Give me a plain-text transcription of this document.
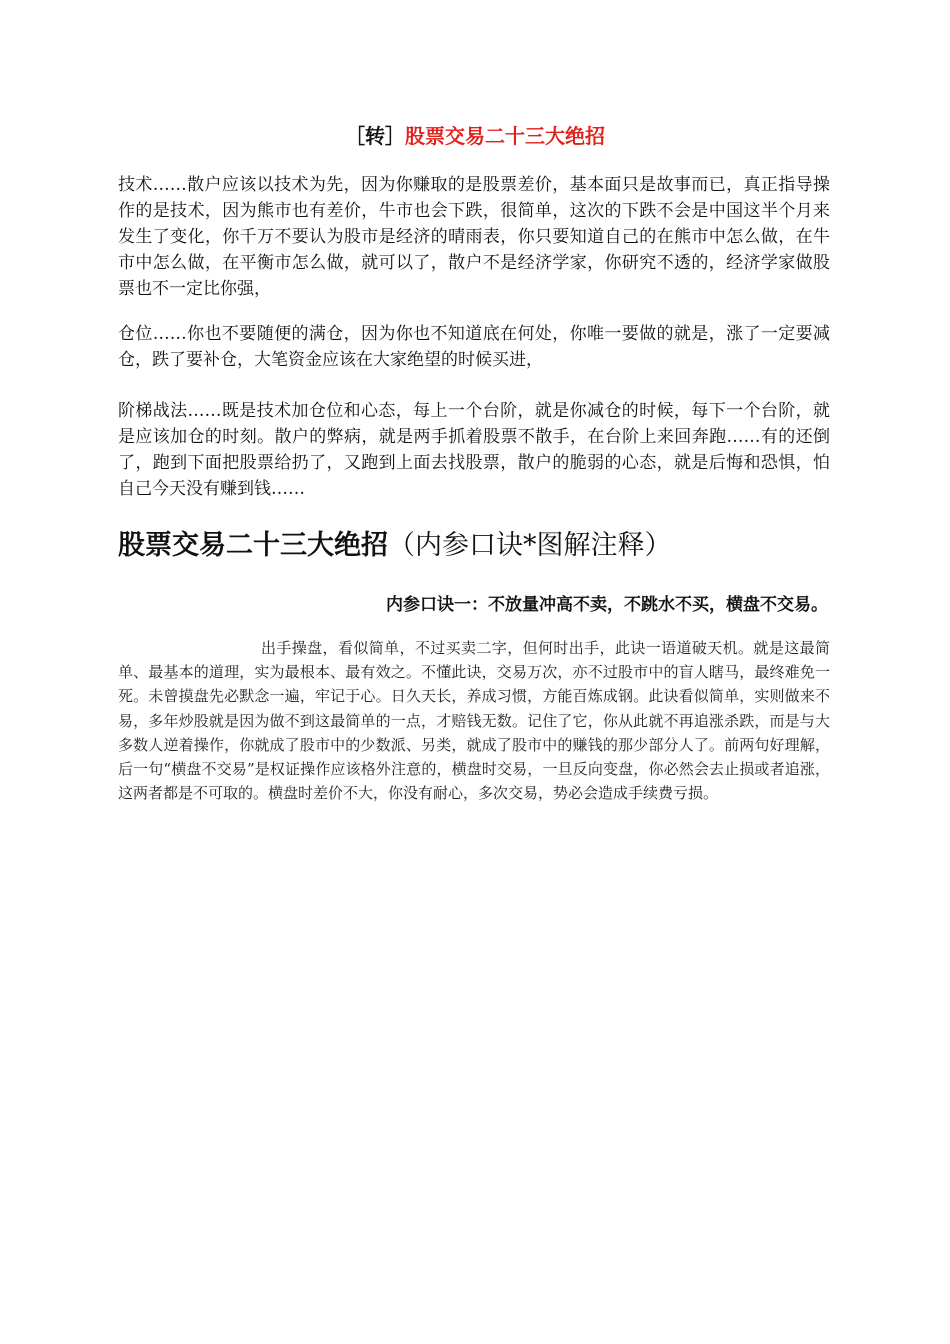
［转］股票交易二十三大绝招

技术……散户应该以技术为先，因为你赚取的是股票差价，基本面只是故事而已，真正指导操作的是技术，因为熊市也有差价，牛市也会下跌，很简单，这次的下跌不会是中国这半个月来发生了变化，你千万不要认为股市是经济的晴雨表，你只要知道自己的在熊市中怎么做，在牛市中怎么做，在平衡市怎么做，就可以了，散户不是经济学家，你研究不透的，经济学家做股票也不一定比你强，

仓位……你也不要随便的满仓，因为你也不知道底在何处，你唯一要做的就是，涨了一定要减仓，跌了要补仓，大笔资金应该在大家绝望的时候买进，

阶梯战法……既是技术加仓位和心态，每上一个台阶，就是你减仓的时候，每下一个台阶，就是应该加仓的时刻。散户的弊病，就是两手抓着股票不散手，在台阶上来回奔跑……有的还倒了，跑到下面把股票给扔了，又跑到上面去找股票，散户的脆弱的心态，就是后悔和恐惧，怕自己今天没有赚到钱……

股票交易二十三大绝招（内参口诀*图解注释）
内参口诀一：不放量冲高不卖，不跳水不买，横盘不交易。

出手操盘，看似简单，不过买卖二字，但何时出手，此诀一语道破天机。就是这最简单、最基本的道理，实为最根本、最有效之。不懂此诀，交易万次，亦不过股市中的盲人瞎马，最终难免一死。未曾摸盘先必默念一遍，牢记于心。日久天长，养成习惯，方能百炼成钢。此诀看似简单，实则做来不易，多年炒股就是因为做不到这最简单的一点，才赔钱无数。记住了它，你从此就不再追涨杀跌，而是与大多数人逆着操作，你就成了股市中的少数派、另类，就成了股市中的赚钱的那少部分人了。前两句好理解，后一句“横盘不交易”是权证操作应该格外注意的，横盘时交易，一旦反向变盘，你必然会去止损或者追涨，这两者都是不可取的。横盘时差价不大，你没有耐心，多次交易，势必会造成手续费亏损。
